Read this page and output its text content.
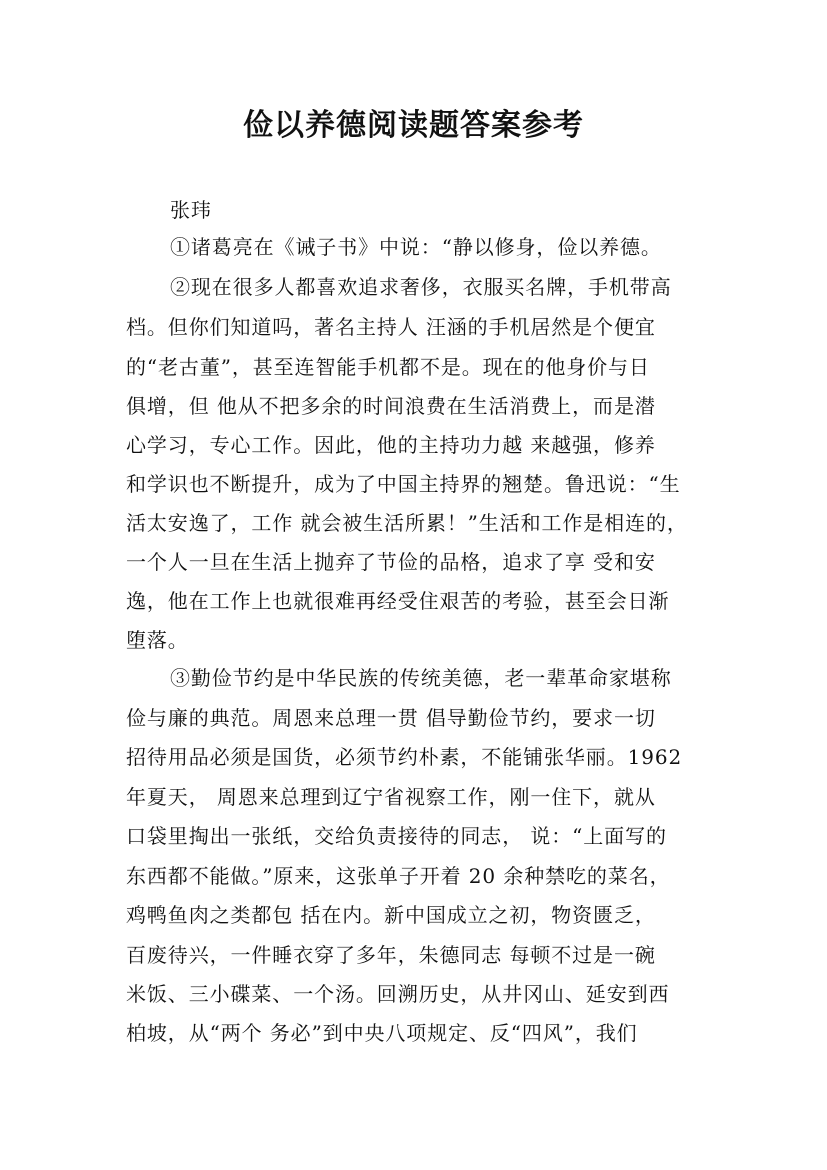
俭以养德阅读题答案参考
张玮
①诸葛亮在《诫子书》中说：“静以修身，俭以养德。
②现在很多人都喜欢追求奢侈，衣服买名牌，手机带高
档。但你们知道吗，著名主持人 汪涵的手机居然是个便宜
的“老古董”，甚至连智能手机都不是。现在的他身价与日
俱增，但 他从不把多余的时间浪费在生活消费上，而是潜
心学习，专心工作。因此，他的主持功力越 来越强，修养
和学识也不断提升，成为了中国主持界的翘楚。鲁迅说：“生
活太安逸了，工作 就会被生活所累！”生活和工作是相连的，
一个人一旦在生活上抛弃了节俭的品格，追求了享 受和安
逸，他在工作上也就很难再经受住艰苦的考验，甚至会日渐
堕落。
③勤俭节约是中华民族的传统美德，老一辈革命家堪称
俭与廉的典范。周恩来总理一贯 倡导勤俭节约，要求一切
招待用品必须是国货，必须节约朴素，不能铺张华丽。1962
年夏天， 周恩来总理到辽宁省视察工作，刚一住下，就从
口袋里掏出一张纸，交给负责接待的同志， 说：“上面写的
东西都不能做。”原来，这张单子开着 20 余种禁吃的菜名，
鸡鸭鱼肉之类都包 括在内。新中国成立之初，物资匮乏，
百废待兴，一件睡衣穿了多年，朱德同志 每顿不过是一碗
米饭、三小碟菜、一个汤。回溯历史，从井冈山、延安到西
柏坡，从“两个 务必”到中央八项规定、反“四风”，我们
